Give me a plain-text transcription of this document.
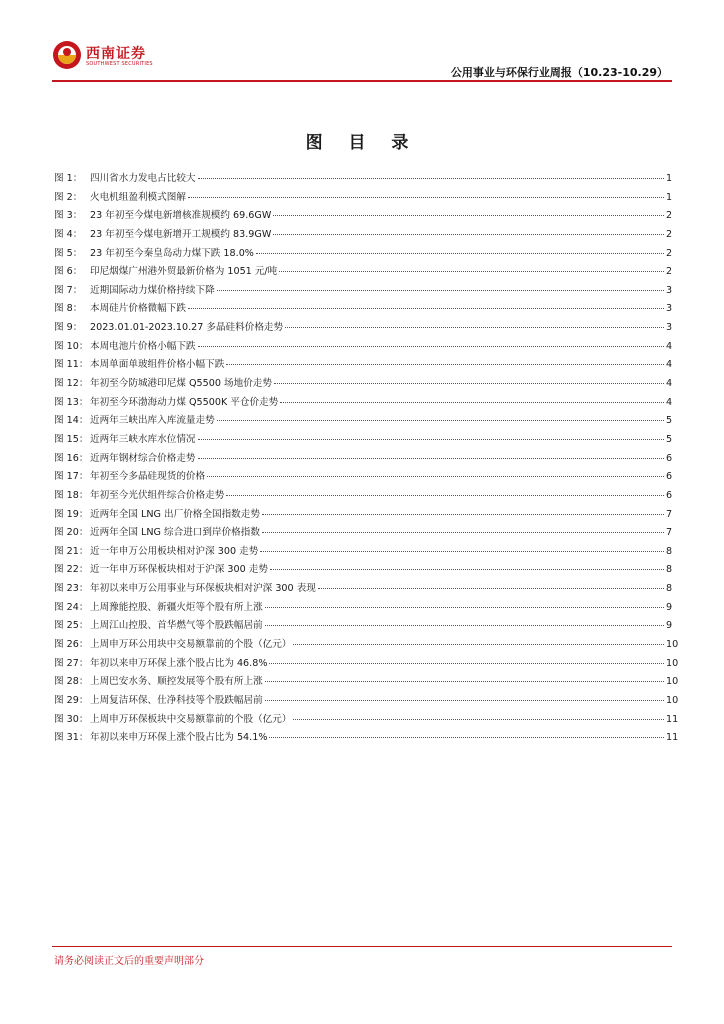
西南证券
SOUTHWEST SECURITIES
公用事业与环保行业周报（10.23-10.29）
图 目 录
图 1： 四川省水力发电占比较大	1
图 2： 火电机组盈利模式图解	1
图 3： 23 年初至今煤电新增核准规模约 69.6GW	2
图 4： 23 年初至今煤电新增开工规模约 83.9GW	2
图 5： 23 年初至今秦皇岛动力煤下跌 18.0%	2
图 6： 印尼烟煤广州港外贸最新价格为 1051 元/吨	2
图 7： 近期国际动力煤价格持续下降	3
图 8： 本周硅片价格微幅下跌	3
图 9： 2023.01.01-2023.10.27 多晶硅料价格走势	3
图 10： 本周电池片价格小幅下跌	4
图 11： 本周单面单玻组件价格小幅下跌	4
图 12： 年初至今防城港印尼煤 Q5500 场地价走势	4
图 13： 年初至今环渤海动力煤 Q5500K 平仓价走势	4
图 14： 近两年三峡出库入库流量走势	5
图 15： 近两年三峡水库水位情况	5
图 16： 近两年钢材综合价格走势	6
图 17： 年初至今多晶硅现货的价格	6
图 18： 年初至今光伏组件综合价格走势	6
图 19： 近两年全国 LNG 出厂价格全国指数走势	7
图 20： 近两年全国 LNG 综合进口到岸价格指数	7
图 21： 近一年申万公用板块相对沪深 300 走势	8
图 22： 近一年申万环保板块相对于沪深 300 走势	8
图 23： 年初以来申万公用事业与环保板块相对沪深 300 表现	8
图 24： 上周豫能控股、新疆火炬等个股有所上涨	9
图 25： 上周江山控股、首华燃气等个股跌幅居前	9
图 26： 上周申万环公用块中交易额靠前的个股（亿元）	10
图 27： 年初以来申万环保上涨个股占比为 46.8%	10
图 28： 上周巴安水务、顺控发展等个股有所上涨	10
图 29： 上周复洁环保、仕净科技等个股跌幅居前	10
图 30： 上周申万环保板块中交易额靠前的个股（亿元）	11
图 31： 年初以来申万环保上涨个股占比为 54.1%	11
请务必阅读正文后的重要声明部分
